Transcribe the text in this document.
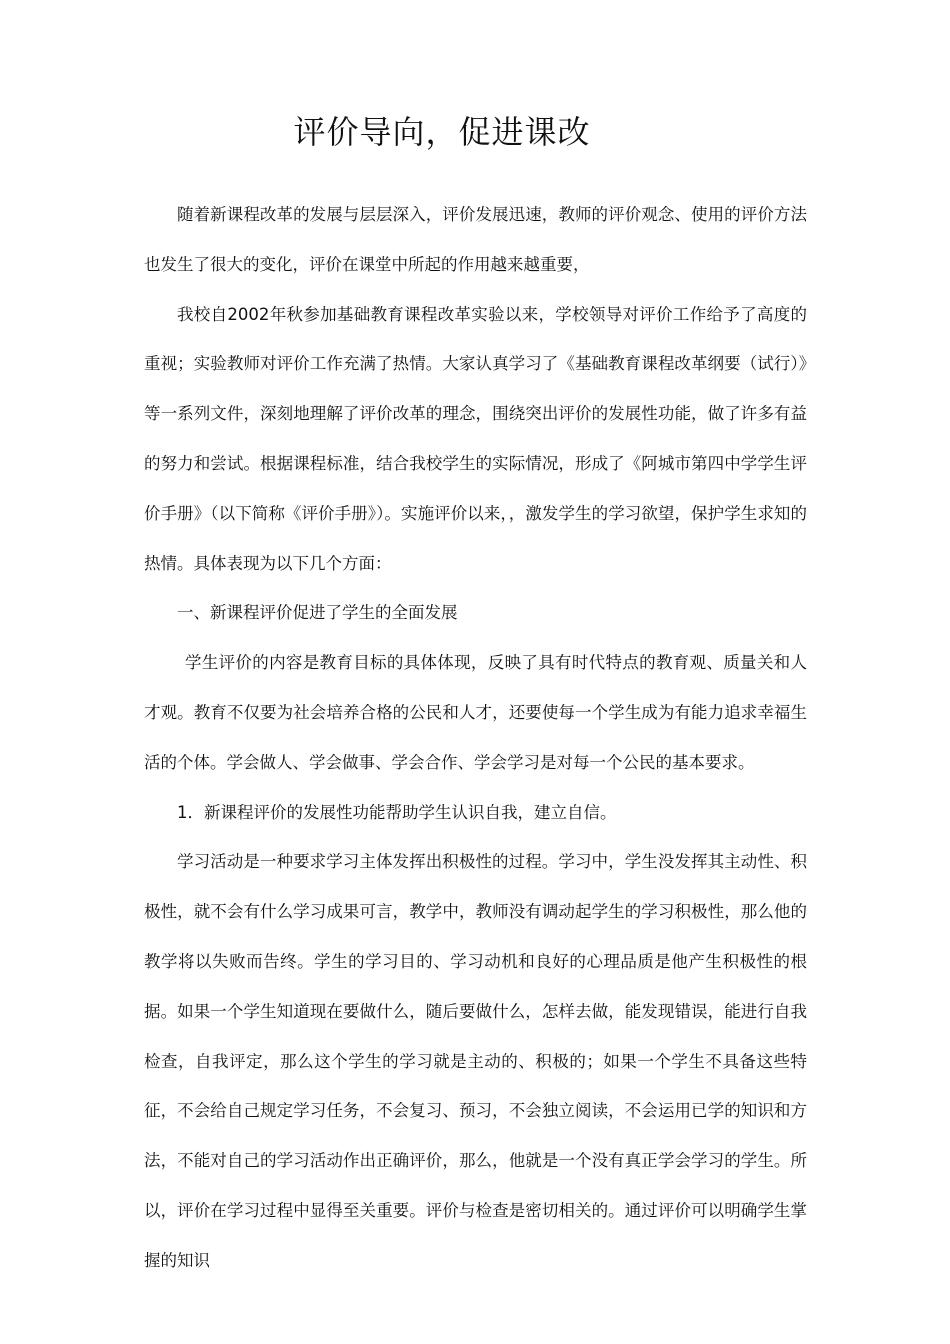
评价导向，促进课改

随着新课程改革的发展与层层深入，评价发展迅速，教师的评价观念、使用的评价方法也发生了很大的变化，评价在课堂中所起的作用越来越重要，

我校自2002年秋参加基础教育课程改革实验以来，学校领导对评价工作给予了高度的重视；实验教师对评价工作充满了热情。大家认真学习了《基础教育课程改革纲要（试行）》等一系列文件，深刻地理解了评价改革的理念，围绕突出评价的发展性功能，做了许多有益的努力和尝试。根据课程标准，结合我校学生的实际情况，形成了《阿城市第四中学学生评价手册》（以下简称《评价手册》）。实施评价以来，，激发学生的学习欲望，保护学生求知的热情。具体表现为以下几个方面：

一、新课程评价促进了学生的全面发展

学生评价的内容是教育目标的具体体现，反映了具有时代特点的教育观、质量关和人才观。教育不仅要为社会培养合格的公民和人才，还要使每一个学生成为有能力追求幸福生活的个体。学会做人、学会做事、学会合作、学会学习是对每一个公民的基本要求。

1．新课程评价的发展性功能帮助学生认识自我，建立自信。

学习活动是一种要求学习主体发挥出积极性的过程。学习中，学生没发挥其主动性、积极性，就不会有什么学习成果可言，教学中，教师没有调动起学生的学习积极性，那么他的教学将以失败而告终。学生的学习目的、学习动机和良好的心理品质是他产生积极性的根据。如果一个学生知道现在要做什么，随后要做什么，怎样去做，能发现错误，能进行自我检查，自我评定，那么这个学生的学习就是主动的、积极的；如果一个学生不具备这些特征，不会给自己规定学习任务，不会复习、预习，不会独立阅读，不会运用已学的知识和方法，不能对自己的学习活动作出正确评价，那么，他就是一个没有真正学会学习的学生。所以，评价在学习过程中显得至关重要。评价与检查是密切相关的。通过评价可以明确学生掌握的知识
